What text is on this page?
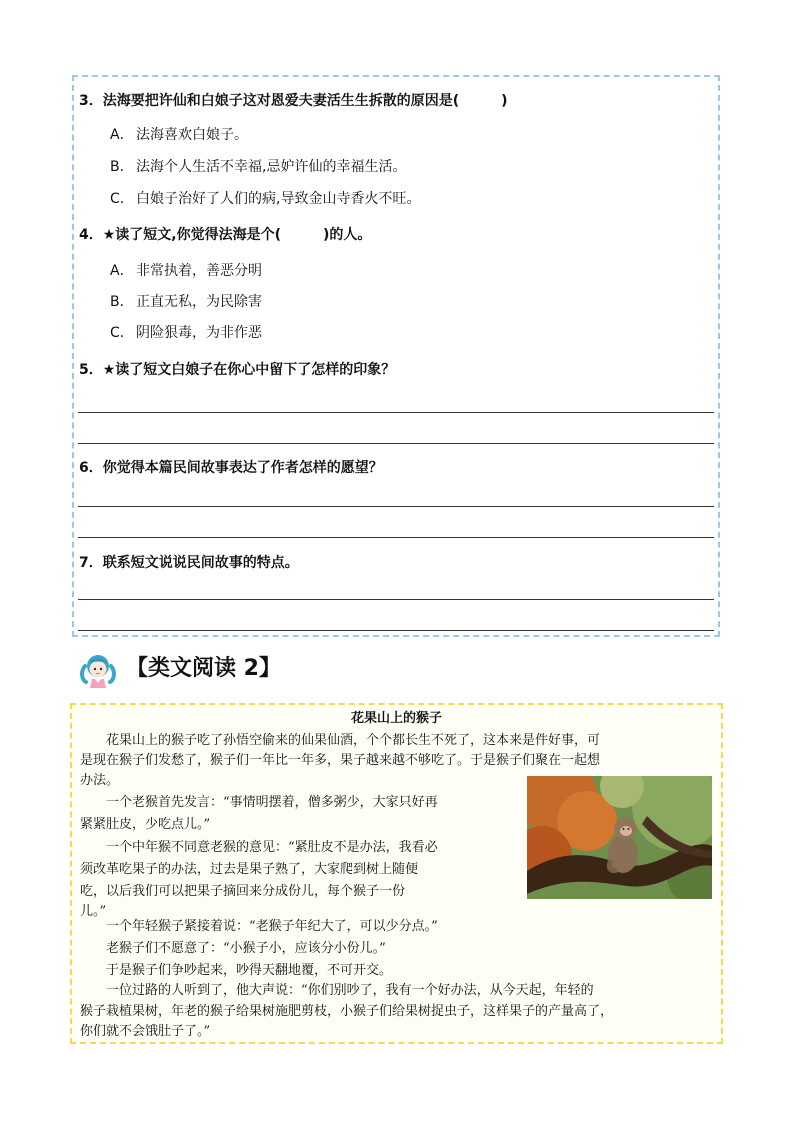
3．法海要把许仙和白娘子这对恩爱夫妻活生生拆散的原因是(　　　)
A． 法海喜欢白娘子。
B． 法海个人生活不幸福,忌妒许仙的幸福生活。
C． 白娘子治好了人们的病,导致金山寺香火不旺。
4．★读了短文,你觉得法海是个(　　　)的人。
A． 非常执着，善恶分明
B． 正直无私，为民除害
C． 阴险狠毒，为非作恶
5．★读了短文白娘子在你心中留下了怎样的印象？
6．你觉得本篇民间故事表达了作者怎样的愿望？
7．联系短文说说民间故事的特点。
【类文阅读 2】
花果山上的猴子
　　花果山上的猴子吃了孙悟空偷来的仙果仙酒，个个都长生不死了，这本来是件好事，可
是现在猴子们发愁了，猴子们一年比一年多，果子越来越不够吃了。于是猴子们聚在一起想
办法。
　　一个老猴首先发言：“事情明摆着，僧多粥少，大家只好再
紧紧肚皮，少吃点儿。”
　　一个中年猴不同意老猴的意见：“紧肚皮不是办法，我看必
须改革吃果子的办法，过去是果子熟了，大家爬到树上随便
吃，以后我们可以把果子摘回来分成份儿，每个猴子一份
儿。”
　　一个年轻猴子紧接着说：“老猴子年纪大了，可以少分点。”
　　老猴子们不愿意了：“小猴子小，应该分小份儿。”
　　于是猴子们争吵起来，吵得天翻地覆，不可开交。
　　一位过路的人听到了，他大声说：“你们别吵了，我有一个好办法，从今天起，年轻的
猴子栽植果树，年老的猴子给果树施肥剪枝，小猴子们给果树捉虫子，这样果子的产量高了，
你们就不会饿肚子了。”
